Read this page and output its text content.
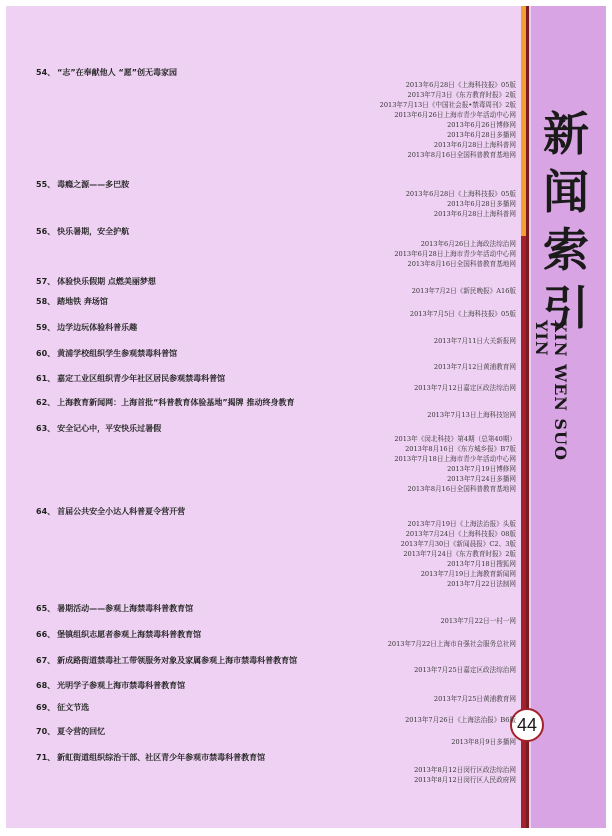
新
闻
索
引
XIN WEN SUO YIN
44
54、 “志”在奉献他人 “愿”创无毒家园
2013年6月28日《上海科技报》05版
2013年7月3日《东方教育时报》2版
2013年7月13日《中国社会报•禁毒周刊》2版
2013年6月26日上海市青少年活动中心网
2013年6月26日博修网
2013年6月28日多播网
2013年6月28日上海科普网
2013年8月16日全国科普教育基地网
55、 毒瘾之源——多巴胺
2013年6月28日《上海科技报》05版
2013年6月28日多播网
2013年6月28日上海科普网
56、 快乐暑期，安全护航
2013年6月26日上海政法综治网
2013年6月28日上海市青少年活动中心网
2013年8月16日全国科普教育基地网
57、 体验快乐假期 点燃美丽梦想
2013年7月2日《新民晚报》A16版
58、 踏地铁 奔场馆
2013年7月5日《上海科技报》05版
59、 边学边玩体验科普乐趣
2013年7月11日大关新报网
60、 黄浦学校组织学生参观禁毒科普馆
2013年7月12日黄浦教育网
61、 嘉定工业区组织青少年社区居民参观禁毒科普馆
2013年7月12日嘉定区政法综治网
62、 上海教育新闻网：上海首批“科普教育体验基地”揭牌 推动终身教育
2013年7月13日上海科技馆网
63、 安全记心中，平安快乐过暑假
2013年《闵北科技》第4期（总第40期）
2013年8月16日《东方城乡报》B7版
2013年7月18日上海市青少年活动中心网
2013年7月19日博修网
2013年7月24日多播网
2013年8月16日全国科普教育基地网
64、 首届公共安全小达人科普夏令营开营
2013年7月19日《上海法治报》头版
2013年7月24日《上海科技报》08版
2013年7月30日《新闻晨报》C2、3版
2013年7月24日《东方教育时报》2版
2013年7月18日搜狐网
2013年7月19日上海教育新闻网
2013年7月22日法制网
65、 暑期活动——参观上海禁毒科普教育馆
2013年7月22日一村一网
66、 堡镇组织志愿者参观上海禁毒科普教育馆
2013年7月22日上海市自强社会服务总社网
67、 新成路街道禁毒社工带领服务对象及家属参观上海市禁毒科普教育馆
2013年7月25日嘉定区政法综治网
68、 光明学子参观上海市禁毒科普教育馆
2013年7月25日黄浦教育网
69、 征文节选
2013年7月26日《上海法治报》B6版
70、 夏令营的回忆
2013年8月9日多播网
71、 新虹街道组织综治干部、社区青少年参观市禁毒科普教育馆
2013年8月12日闵行区政法综治网
2013年8月12日闵行区人民政府网
